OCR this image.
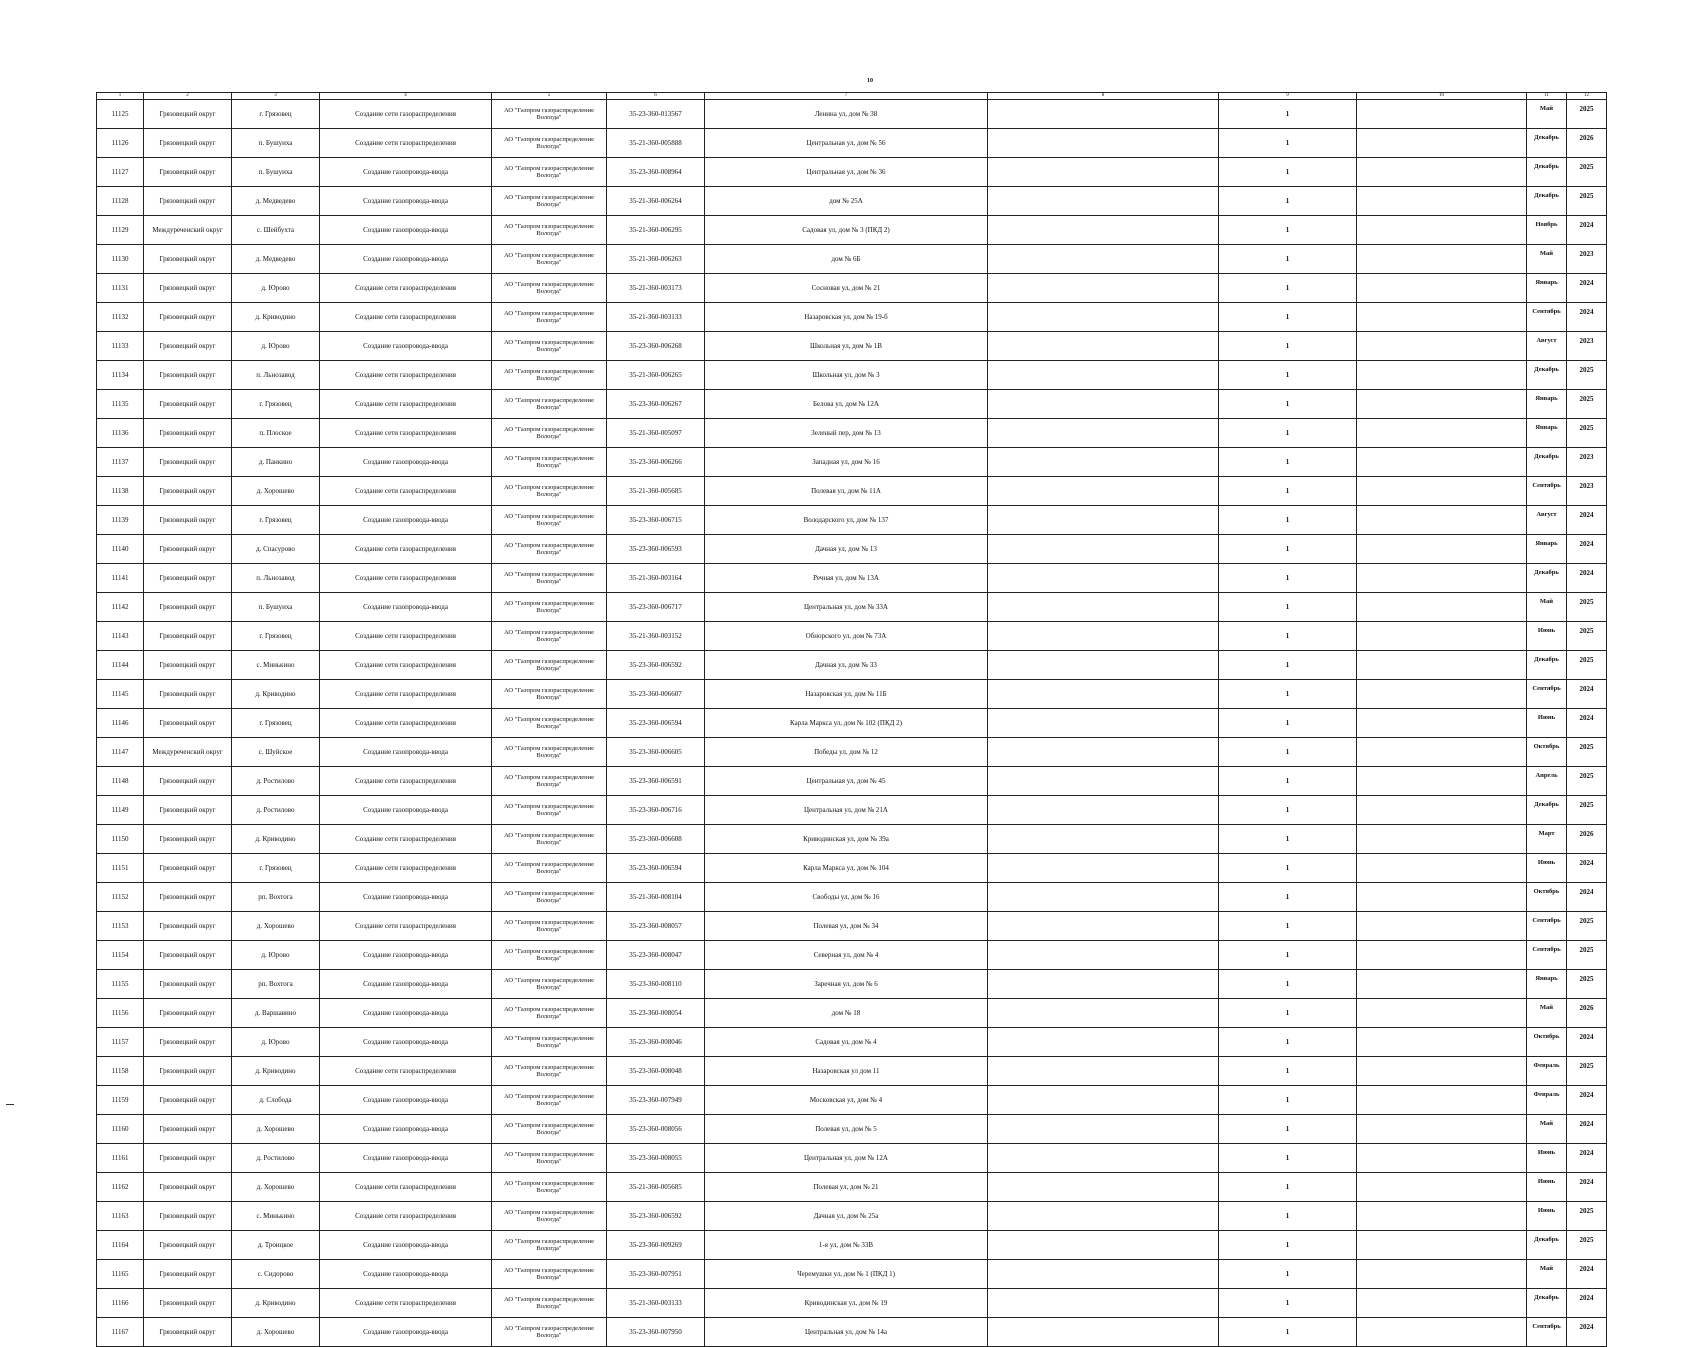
10
1	2	3	4	5	6	7	8	9	10	11	12
11125	Грязовецкий округ	г. Грязовец	Создание сети газораспределения	АО "Газпром газораспределение Вологда"	35-23-360-013567	Ленина ул, дом № 38		1		Май	2025
11126	Грязовецкий округ	п. Бушуиха	Создание сети газораспределения	АО "Газпром газораспределение Вологда"	35-21-360-005888	Центральная ул, дом № 56		1		Декабрь	2026
11127	Грязовецкий округ	п. Бушуиха	Создание газопровода-ввода	АО "Газпром газораспределение Вологда"	35-23-360-008964	Центральная ул, дом № 36		1		Декабрь	2025
11128	Грязовецкий округ	д. Медведево	Создание газопровода-ввода	АО "Газпром газораспределение Вологда"	35-21-360-006264	дом № 25А		1		Декабрь	2025
11129	Междуреченский округ	с. Шейбухта	Создание газопровода-ввода	АО "Газпром газораспределение Вологда"	35-21-360-006295	Садовая ул, дом № 3 (ПКД 2)		1		Ноябрь	2024
11130	Грязовецкий округ	д. Медведево	Создание газопровода-ввода	АО "Газпром газораспределение Вологда"	35-21-360-006263	дом № 6Б		1		Май	2023
11131	Грязовецкий округ	д. Юрово	Создание сети газораспределения	АО "Газпром газораспределение Вологда"	35-21-360-003173	Сосновая ул, дом № 21		1		Январь	2024
11132	Грязовецкий округ	д. Криводино	Создание сети газораспределения	АО "Газпром газораспределение Вологда"	35-21-360-003133	Назаровская ул, дом № 19-б		1		Сентябрь	2024
11133	Грязовецкий округ	д. Юрово	Создание газопровода-ввода	АО "Газпром газораспределение Вологда"	35-23-360-006268	Школьная ул, дом № 1В		1		Август	2023
11134	Грязовецкий округ	п. Льнозавод	Создание сети газораспределения	АО "Газпром газораспределение Вологда"	35-21-360-006265	Школьная ул, дом № 3		1		Декабрь	2025
11135	Грязовецкий округ	г. Грязовец	Создание сети газораспределения	АО "Газпром газораспределение Вологда"	35-23-360-006267	Белова ул, дом № 12А		1		Январь	2025
11136	Грязовецкий округ	п. Плоское	Создание сети газораспределения	АО "Газпром газораспределение Вологда"	35-21-360-005097	Зеленый пер, дом № 13		1		Январь	2025
11137	Грязовецкий округ	д. Панкино	Создание газопровода-ввода	АО "Газпром газораспределение Вологда"	35-23-360-006266	Западная ул, дом № 16		1		Декабрь	2023
11138	Грязовецкий округ	д. Хорошево	Создание сети газораспределения	АО "Газпром газораспределение Вологда"	35-21-360-005685	Полевая ул, дом № 11А		1		Сентябрь	2023
11139	Грязовецкий округ	г. Грязовец	Создание газопровода-ввода	АО "Газпром газораспределение Вологда"	35-23-360-006715	Володарского ул, дом № 137		1		Август	2024
11140	Грязовецкий округ	д. Спасурово	Создание сети газораспределения	АО "Газпром газораспределение Вологда"	35-23-360-006593	Дачная ул, дом № 13		1		Январь	2024
11141	Грязовецкий округ	п. Льнозавод	Создание сети газораспределения	АО "Газпром газораспределение Вологда"	35-21-360-003164	Речная ул, дом № 13А		1		Декабрь	2024
11142	Грязовецкий округ	п. Бушуиха	Создание газопровода-ввода	АО "Газпром газораспределение Вологда"	35-23-360-006717	Центральная ул, дом № 33А		1		Май	2025
11143	Грязовецкий округ	г. Грязовец	Создание сети газораспределения	АО "Газпром газораспределение Вологда"	35-21-360-003152	Обнорского ул, дом № 73А		1		Июнь	2025
11144	Грязовецкий округ	с. Минькино	Создание сети газораспределения	АО "Газпром газораспределение Вологда"	35-23-360-006592	Дачная ул, дом № 33		1		Декабрь	2025
11145	Грязовецкий округ	д. Криводино	Создание сети газораспределения	АО "Газпром газораспределение Вологда"	35-23-360-006607	Назаровская ул, дом № 11Б		1		Сентябрь	2024
11146	Грязовецкий округ	г. Грязовец	Создание сети газораспределения	АО "Газпром газораспределение Вологда"	35-23-360-006594	Карла Маркса ул, дом № 102 (ПКД 2)		1		Июнь	2024
11147	Междуреченский округ	с. Шуйское	Создание газопровода-ввода	АО "Газпром газораспределение Вологда"	35-23-360-006605	Победы ул, дом № 12		1		Октябрь	2025
11148	Грязовецкий округ	д. Ростилово	Создание сети газораспределения	АО "Газпром газораспределение Вологда"	35-23-360-006591	Центральная ул, дом № 45		1		Апрель	2025
11149	Грязовецкий округ	д. Ростилово	Создание газопровода-ввода	АО "Газпром газораспределение Вологда"	35-23-360-006716	Центральная ул, дом № 21А		1		Декабрь	2025
11150	Грязовецкий округ	д. Криводино	Создание сети газораспределения	АО "Газпром газораспределение Вологда"	35-23-360-006608	Криводинская ул, дом № 39а		1		Март	2026
11151	Грязовецкий округ	г. Грязовец	Создание сети газораспределения	АО "Газпром газораспределение Вологда"	35-23-360-006594	Карла Маркса ул, дом № 104		1		Июнь	2024
11152	Грязовецкий округ	рп. Вохтога	Создание газопровода-ввода	АО "Газпром газораспределение Вологда"	35-21-360-008104	Свободы ул, дом № 16		1		Октябрь	2024
11153	Грязовецкий округ	д. Хорошево	Создание сети газораспределения	АО "Газпром газораспределение Вологда"	35-23-360-008057	Полевая ул, дом № 34		1		Сентябрь	2025
11154	Грязовецкий округ	д. Юрово	Создание газопровода-ввода	АО "Газпром газораспределение Вологда"	35-23-360-008047	Северная ул, дом № 4		1		Сентябрь	2025
11155	Грязовецкий округ	рп. Вохтога	Создание газопровода-ввода	АО "Газпром газораспределение Вологда"	35-23-360-008110	Заречная ул, дом № 6		1		Январь	2025
11156	Грязовецкий округ	д. Варшавино	Создание газопровода-ввода	АО "Газпром газораспределение Вологда"	35-23-360-008054	дом № 18		1		Май	2026
11157	Грязовецкий округ	д. Юрово	Создание газопровода-ввода	АО "Газпром газораспределение Вологда"	35-23-360-008046	Садовая ул, дом № 4		1		Октябрь	2024
11158	Грязовецкий округ	д. Криводино	Создание сети газораспределения	АО "Газпром газораспределение Вологда"	35-23-360-008048	Назаровская ул дом 11		1		Февраль	2025
11159	Грязовецкий округ	д. Слобода	Создание газопровода-ввода	АО "Газпром газораспределение Вологда"	35-23-360-007949	Московская ул, дом № 4		1		Февраль	2024
11160	Грязовецкий округ	д. Хорошево	Создание газопровода-ввода	АО "Газпром газораспределение Вологда"	35-23-360-008056	Полевая ул, дом № 5		1		Май	2024
11161	Грязовецкий округ	д. Ростилово	Создание газопровода-ввода	АО "Газпром газораспределение Вологда"	35-23-360-008055	Центральная ул, дом № 12А		1		Июнь	2024
11162	Грязовецкий округ	д. Хорошево	Создание сети газораспределения	АО "Газпром газораспределение Вологда"	35-21-360-005685	Полевая ул, дом № 21		1		Июнь	2024
11163	Грязовецкий округ	с. Минькино	Создание сети газораспределения	АО "Газпром газораспределение Вологда"	35-23-360-006592	Дачная ул, дом № 25а		1		Июнь	2025
11164	Грязовецкий округ	д. Троицкое	Создание газопровода-ввода	АО "Газпром газораспределение Вологда"	35-23-360-009269	1-я ул, дом № 33В		1		Декабрь	2025
11165	Грязовецкий округ	с. Сидорово	Создание газопровода-ввода	АО "Газпром газораспределение Вологда"	35-23-360-007951	Черемушки ул, дом № 1 (ПКД 1)		1		Май	2024
11166	Грязовецкий округ	д. Криводино	Создание сети газораспределения	АО "Газпром газораспределение Вологда"	35-21-360-003133	Криводинская ул, дом № 19		1		Декабрь	2024
11167	Грязовецкий округ	д. Хорошево	Создание газопровода-ввода	АО "Газпром газораспределение Вологда"	35-23-360-007950	Центральная ул, дом № 14а		1		Сентябрь	2024
